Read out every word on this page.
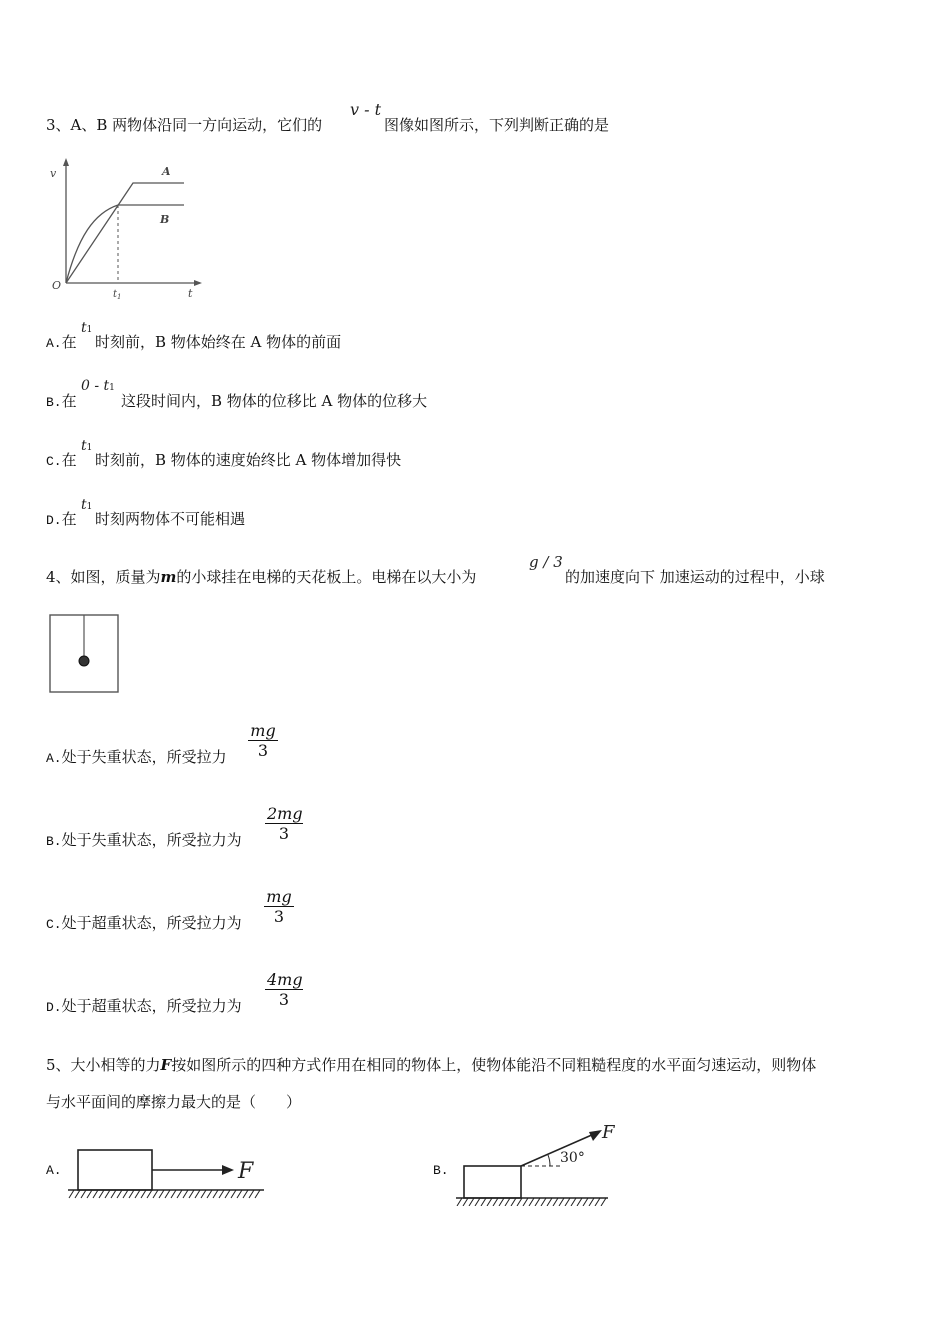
3、A、B 两物体沿同一方向运动，它们的
v - t
图像如图所示，下列判断正确的是
v
O
t
A
B
$t_1$
A.在
t1
时刻前，B 物体始终在 A 物体的前面
B.在
0 - t1
这段时间内，B 物体的位移比 A 物体的位移大
C.在
t1
时刻前，B 物体的速度始终比 A 物体增加得快
D.在
t1
时刻两物体不可能相遇
4、如图，质量为m的小球挂在电梯的天花板上。电梯在以大小为
g / 3
的加速度向下 加速运动的过程中，小球
A.处于失重状态，所受拉力
mg
3
B.处于失重状态，所受拉力为
2mg
3
C.处于超重状态，所受拉力为
mg
3
D.处于超重状态，所受拉力为
4mg
3
5、大小相等的力F按如图所示的四种方式作用在相同的物体上，使物体能沿不同粗糙程度的水平面匀速运动，则物体
与水平面间的摩擦力最大的是（　　）
A.	F	B.
30°
F
